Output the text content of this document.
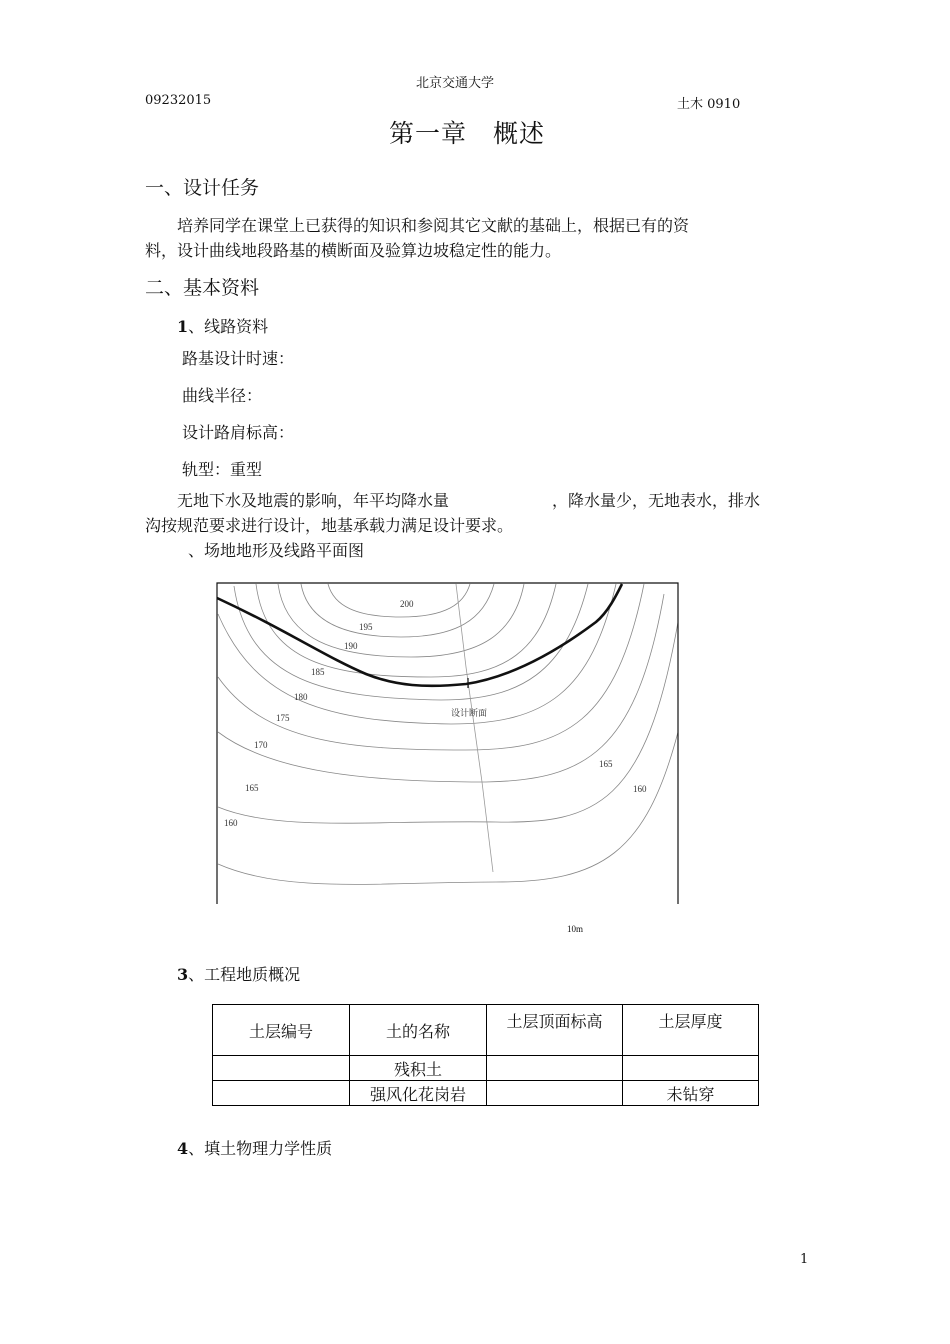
北京交通大学
09232015	土木 0910
第一章　概述
一、设计任务
培养同学在课堂上已获得的知识和参阅其它文献的基础上，根据已有的资
料，设计曲线地段路基的横断面及验算边坡稳定性的能力。
二、基本资料
1、线路资料
路基设计时速：
曲线半径：
设计路肩标高：
轨型：重型
无地下水及地震的影响，年平均降水量	，降水量少，无地表水，排水
沟按规范要求进行设计，地基承载力满足设计要求。
、场地地形及线路平面图
200
195
190
185
180
175
170
165
160
165
160
设计断面
10m
3、工程地质概况
土层编号	土的名称	土层顶面标高	土层厚度
	残积土		
	强风化花岗岩		未钻穿
4、填土物理力学性质
1
